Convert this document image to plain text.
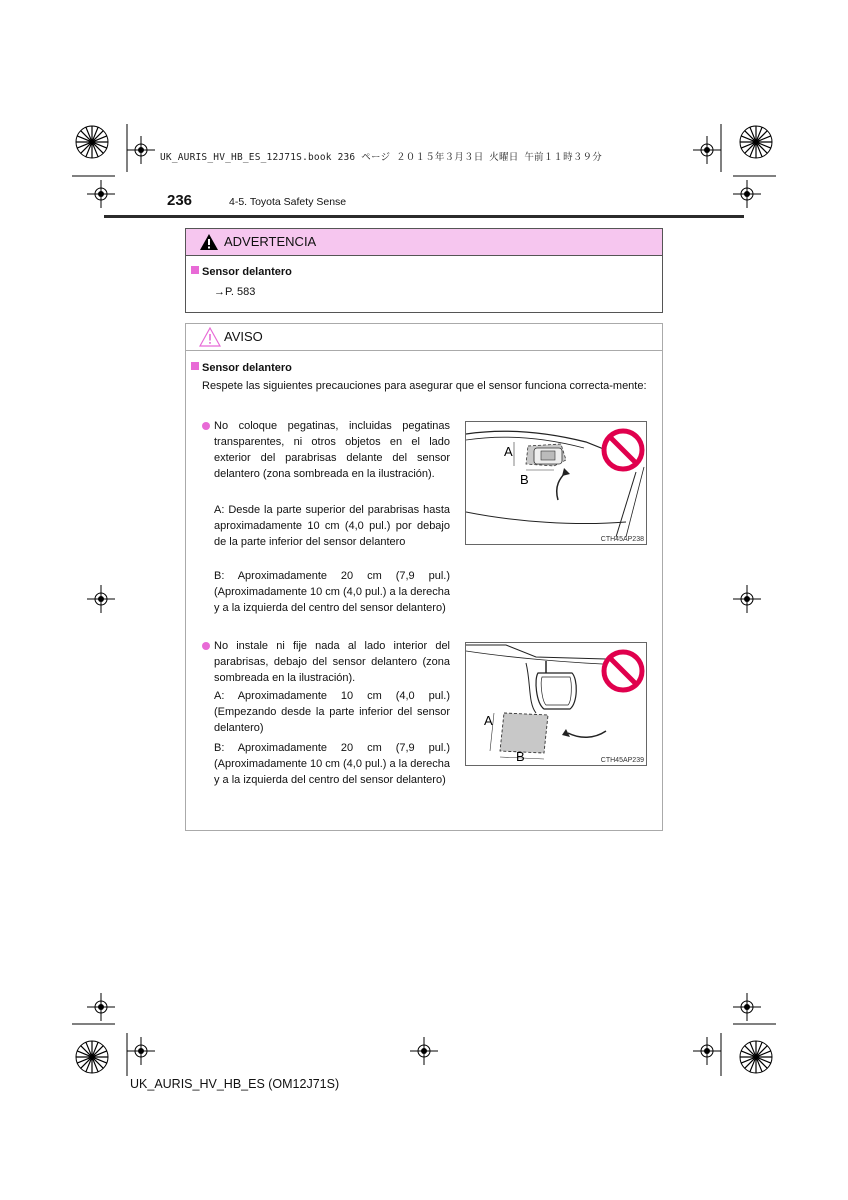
UK_AURIS_HV_HB_ES_12J71S.book 236 ページ ２０１５年３月３日 火曜日 午前１１時３９分
236	4-5. Toyota Safety Sense
ADVERTENCIA
Sensor delantero
→P. 583
AVISO
Sensor delantero
Respete las siguientes precauciones para asegurar que el sensor funciona correcta-mente:
No coloque pegatinas, incluidas pegatinas transparentes, ni otros objetos en el lado exterior del parabrisas delante del sensor delantero (zona sombreada en la ilustración).
A: Desde la parte superior del parabrisas hasta aproximadamente 10 cm (4,0 pul.) por debajo de la parte inferior del sensor delantero
B: Aproximadamente 20 cm (7,9 pul.) (Aproximadamente 10 cm (4,0 pul.) a la derecha y a la izquierda del centro del sensor delantero)
A
B
CTH45AP238
No instale ni fije nada al lado interior del parabrisas, debajo del sensor delantero (zona sombreada en la ilustración).
A: Aproximadamente 10 cm (4,0 pul.) (Empezando desde la parte inferior del sensor delantero)
B: Aproximadamente 20 cm (7,9 pul.) (Aproximadamente 10 cm (4,0 pul.) a la derecha y a la izquierda del centro del sensor delantero)
A
B	CTH45AP239
UK_AURIS_HV_HB_ES (OM12J71S)
